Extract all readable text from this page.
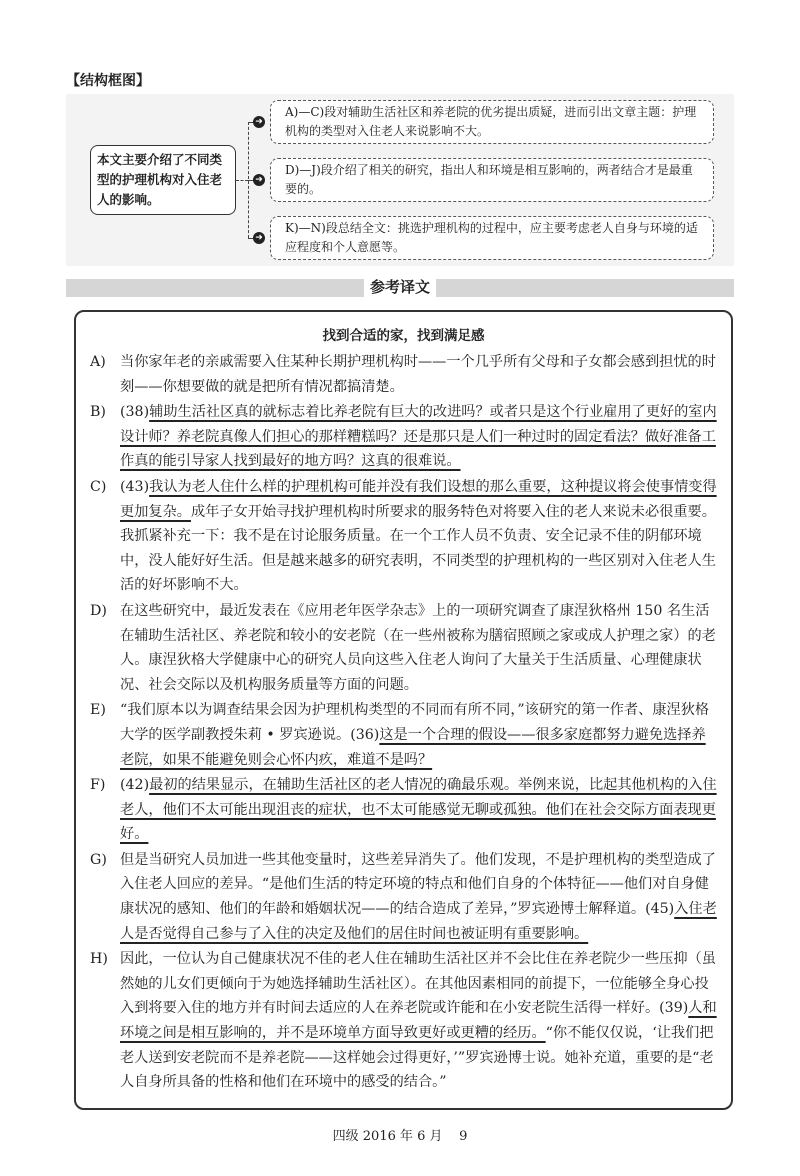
【结构框图】
本文主要介绍了不同类型的护理机构对入住老人的影响。
➜
A)—C)段对辅助生活社区和养老院的优劣提出质疑，进而引出文章主题：护理机构的类型对入住老人来说影响不大。
➜
D)—J)段介绍了相关的研究，指出人和环境是相互影响的，两者结合才是最重要的。
➜
K)—N)段总结全文：挑选护理机构的过程中，应主要考虑老人自身与环境的适应程度和个人意愿等。
参考译文
找到合适的家，找到满足感
A) 当你家年老的亲戚需要入住某种长期护理机构时——一个几乎所有父母和子女都会感到担忧的时刻——你想要做的就是把所有情况都搞清楚。
B) (38)辅助生活社区真的就标志着比养老院有巨大的改进吗？或者只是这个行业雇用了更好的室内设计师？养老院真像人们担心的那样糟糕吗？还是那只是人们一种过时的固定看法？做好准备工作真的能引导家人找到最好的地方吗？这真的很难说。
C) (43)我认为老人住什么样的护理机构可能并没有我们设想的那么重要，这种提议将会使事情变得更加复杂。成年子女开始寻找护理机构时所要求的服务特色对将要入住的老人来说未必很重要。我抓紧补充一下：我不是在讨论服务质量。在一个工作人员不负责、安全记录不佳的阴郁环境中，没人能好好生活。但是越来越多的研究表明，不同类型的护理机构的一些区别对入住老人生活的好坏影响不大。
D) 在这些研究中，最近发表在《应用老年医学杂志》上的一项研究调查了康涅狄格州 150 名生活在辅助生活社区、养老院和较小的安老院（在一些州被称为膳宿照顾之家或成人护理之家）的老人。康涅狄格大学健康中心的研究人员向这些入住老人询问了大量关于生活质量、心理健康状况、社会交际以及机构服务质量等方面的问题。
E) “我们原本以为调查结果会因为护理机构类型的不同而有所不同，”该研究的第一作者、康涅狄格大学的医学副教授朱莉 • 罗宾逊说。(36)这是一个合理的假设——很多家庭都努力避免选择养老院，如果不能避免则会心怀内疚，难道不是吗？
F) (42)最初的结果显示，在辅助生活社区的老人情况的确最乐观。举例来说，比起其他机构的入住老人，他们不太可能出现沮丧的症状，也不太可能感觉无聊或孤独。他们在社会交际方面表现更好。
G) 但是当研究人员加进一些其他变量时，这些差异消失了。他们发现，不是护理机构的类型造成了入住老人回应的差异。“是他们生活的特定环境的特点和他们自身的个体特征——他们对自身健康状况的感知、他们的年龄和婚姻状况——的结合造成了差异，”罗宾逊博士解释道。(45)入住老人是否觉得自己参与了入住的决定及他们的居住时间也被证明有重要影响。
H) 因此，一位认为自己健康状况不佳的老人住在辅助生活社区并不会比住在养老院少一些压抑（虽然她的儿女们更倾向于为她选择辅助生活社区）。在其他因素相同的前提下，一位能够全身心投入到将要入住的地方并有时间去适应的人在养老院或许能和在小安老院生活得一样好。(39)人和环境之间是相互影响的，并不是环境单方面导致更好或更糟的经历。“你不能仅仅说，‘让我们把老人送到安老院而不是养老院——这样她会过得更好，’”罗宾逊博士说。她补充道，重要的是“老人自身所具备的性格和他们在环境中的感受的结合。”
四级 2016 年 6 月    9
